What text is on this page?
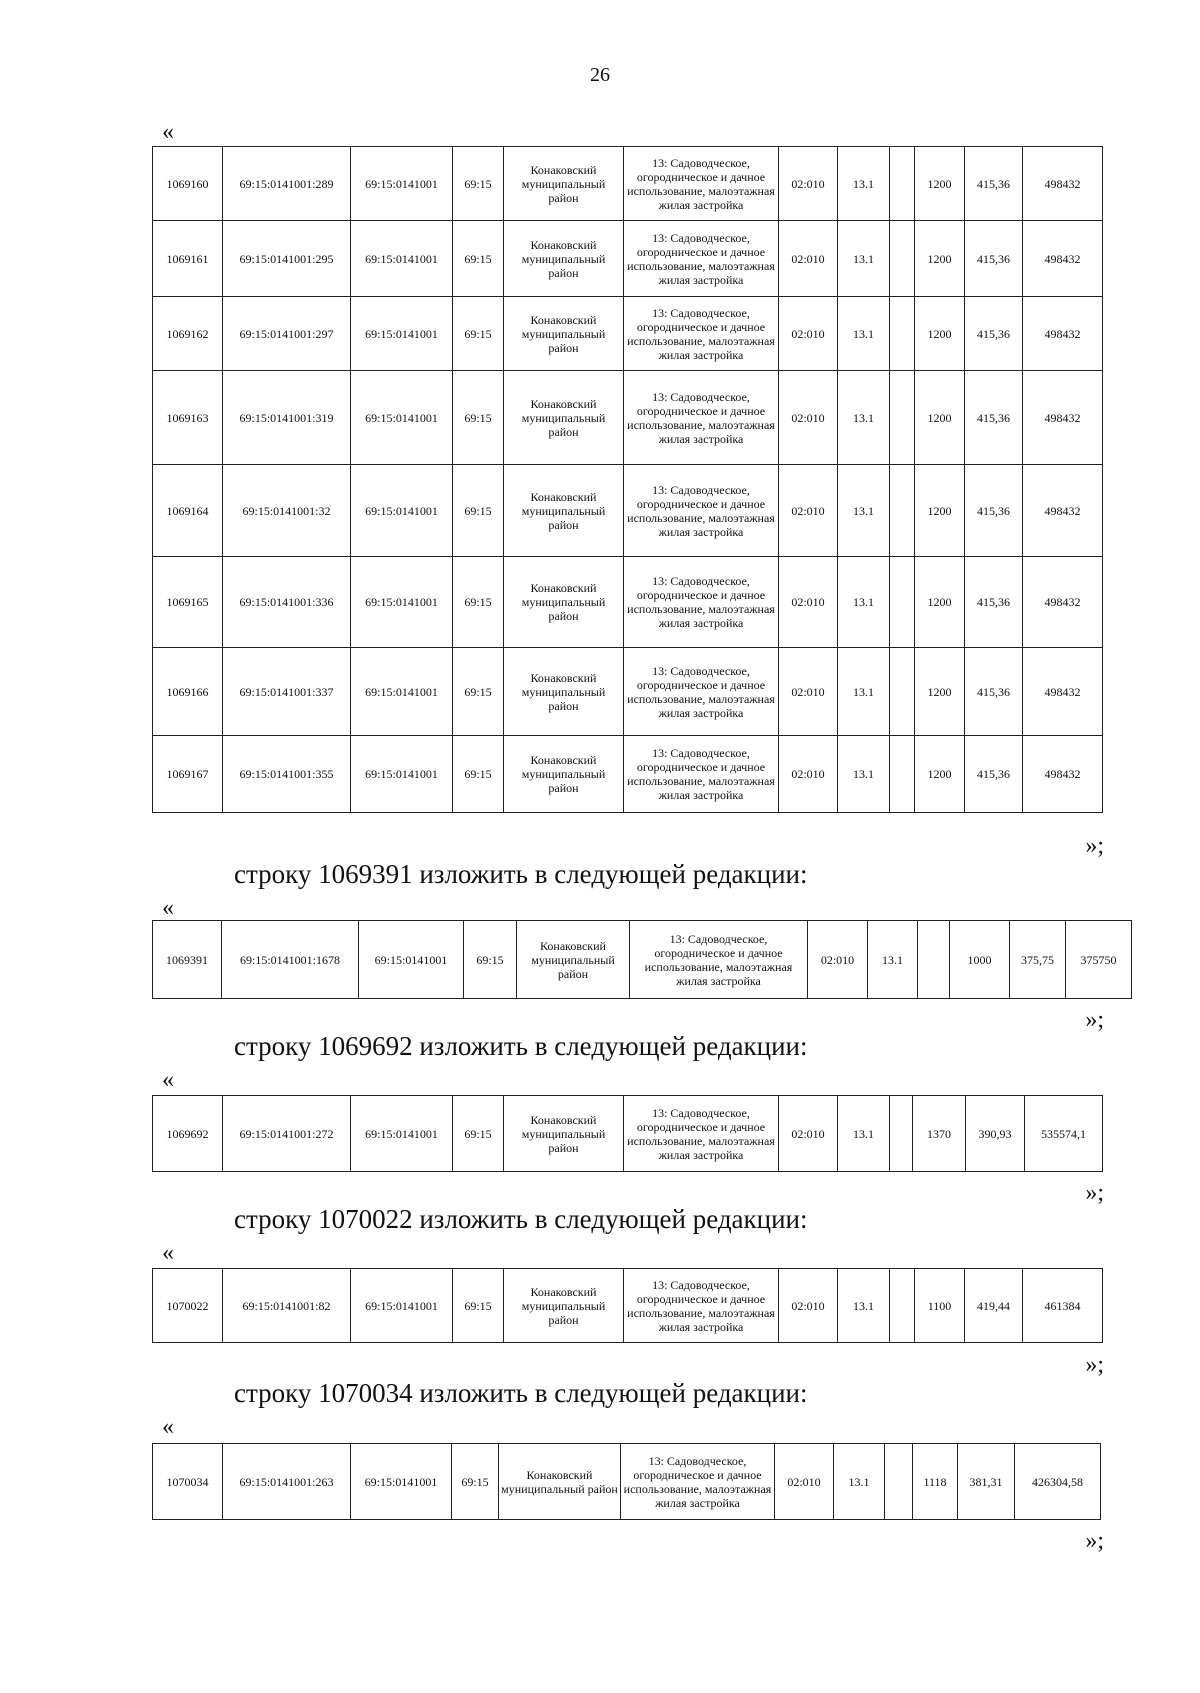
26
«
1069160	69:15:0141001:289	69:15:0141001	69:15	Конаковский муниципальный район	13: Садоводческое, огородническое и дачное использование, малоэтажная жилая застройка	02:010	13.1		1200	415,36	498432
1069161	69:15:0141001:295	69:15:0141001	69:15	Конаковский муниципальный район	13: Садоводческое, огородническое и дачное использование, малоэтажная жилая застройка	02:010	13.1		1200	415,36	498432
1069162	69:15:0141001:297	69:15:0141001	69:15	Конаковский муниципальный район	13: Садоводческое, огородническое и дачное использование, малоэтажная жилая застройка	02:010	13.1		1200	415,36	498432
1069163	69:15:0141001:319	69:15:0141001	69:15	Конаковский муниципальный район	13: Садоводческое, огородническое и дачное использование, малоэтажная жилая застройка	02:010	13.1		1200	415,36	498432
1069164	69:15:0141001:32	69:15:0141001	69:15	Конаковский муниципальный район	13: Садоводческое, огородническое и дачное использование, малоэтажная жилая застройка	02:010	13.1		1200	415,36	498432
1069165	69:15:0141001:336	69:15:0141001	69:15	Конаковский муниципальный район	13: Садоводческое, огородническое и дачное использование, малоэтажная жилая застройка	02:010	13.1		1200	415,36	498432
1069166	69:15:0141001:337	69:15:0141001	69:15	Конаковский муниципальный район	13: Садоводческое, огородническое и дачное использование, малоэтажная жилая застройка	02:010	13.1		1200	415,36	498432
1069167	69:15:0141001:355	69:15:0141001	69:15	Конаковский муниципальный район	13: Садоводческое, огородническое и дачное использование, малоэтажная жилая застройка	02:010	13.1		1200	415,36	498432
»;
строку 1069391 изложить в следующей редакции:
«
1069391	69:15:0141001:1678	69:15:0141001	69:15	Конаковский муниципальный район	13: Садоводческое, огородническое и дачное использование, малоэтажная жилая застройка	02:010	13.1		1000	375,75	375750
»;
строку 1069692 изложить в следующей редакции:
«
1069692	69:15:0141001:272	69:15:0141001	69:15	Конаковский муниципальный район	13: Садоводческое, огородническое и дачное использование, малоэтажная жилая застройка	02:010	13.1		1370	390,93	535574,1
»;
строку 1070022 изложить в следующей редакции:
«
1070022	69:15:0141001:82	69:15:0141001	69:15	Конаковский муниципальный район	13: Садоводческое, огородническое и дачное использование, малоэтажная жилая застройка	02:010	13.1		1100	419,44	461384
»;
строку 1070034 изложить в следующей редакции:
«
1070034	69:15:0141001:263	69:15:0141001	69:15	Конаковский муниципальный район	13: Садоводческое, огородническое и дачное использование, малоэтажная жилая застройка	02:010	13.1		1118	381,31	426304,58
»;
